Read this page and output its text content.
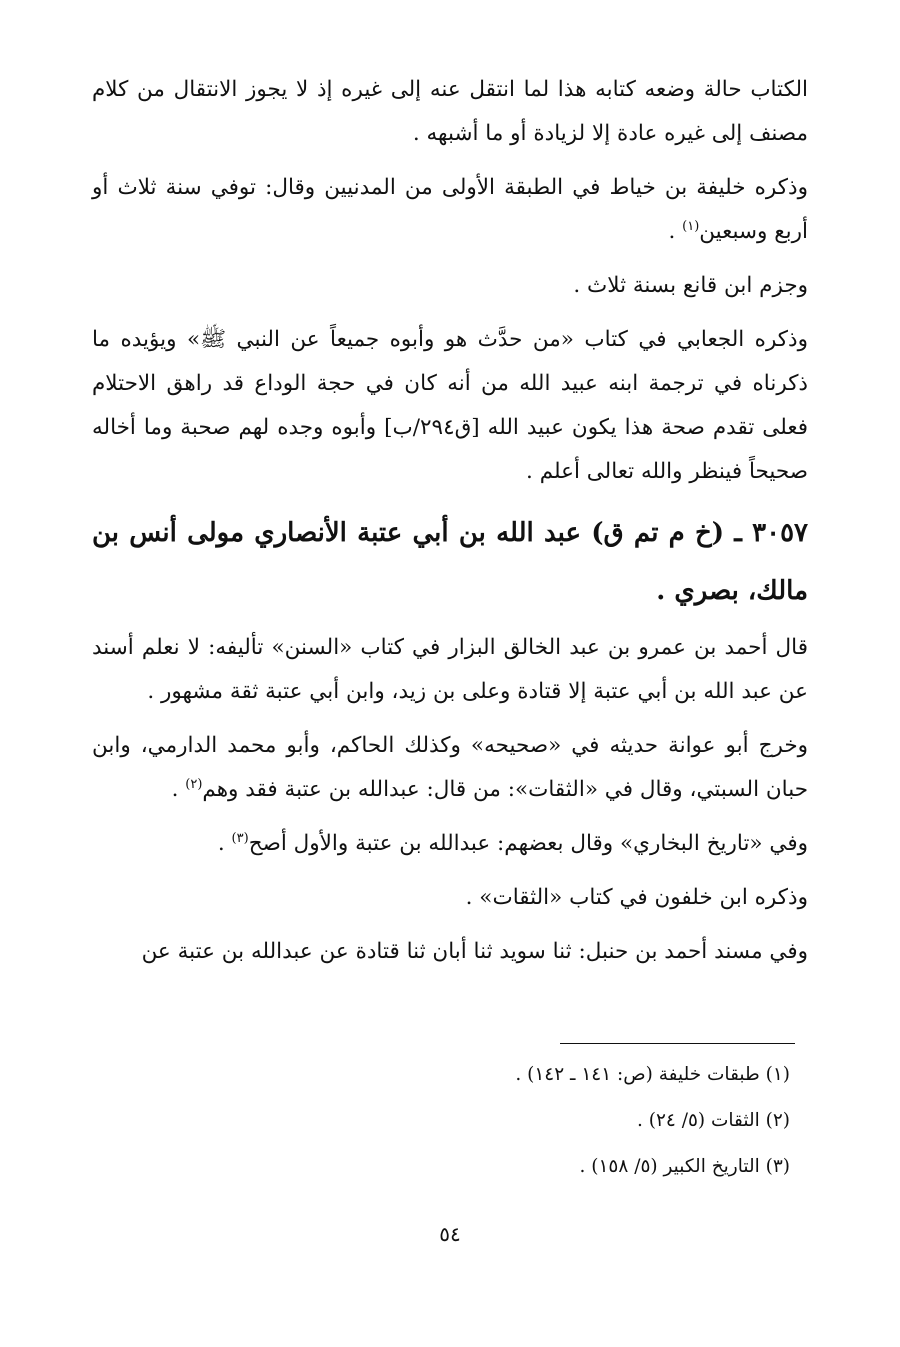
الكتاب حالة وضعه كتابه هذا لما انتقل عنه إلى غيره إذ لا يجوز الانتقال من كلام مصنف إلى غيره عادة إلا لزيادة أو ما أشبهه .

وذكره خليفة بن خياط في الطبقة الأولى من المدنيين وقال: توفي سنة ثلاث أو أربع وسبعين$^{(١)}$ .

وجزم ابن قانع بسنة ثلاث .

وذكره الجعابي في كتاب «من حدَّث هو وأبوه جميعاً عن النبي ﷺ» ويؤيده ما ذكرناه في ترجمة ابنه عبيد الله من أنه كان في حجة الوداع قد راهق الاحتلام فعلى تقدم صحة هذا يكون عبيد الله [ق٢٩٤/ب] وأبوه وجده لهم صحبة وما أخاله صحيحاً فينظر والله تعالى أعلم .

٣٠٥٧ ـ (خ م تم ق) عبد الله بن أبي عتبة الأنصاري مولى أنس بن مالك، بصري .

قال أحمد بن عمرو بن عبد الخالق البزار في كتاب «السنن» تأليفه: لا نعلم أسند عن عبد الله بن أبي عتبة إلا قتادة وعلى بن زيد، وابن أبي عتبة ثقة مشهور .

وخرج أبو عوانة حديثه في «صحيحه» وكذلك الحاكم، وأبو محمد الدارمي، وابن حبان السبتي، وقال في «الثقات»: من قال: عبدالله بن عتبة فقد وهم$^{(٢)}$ .

وفي «تاريخ البخاري» وقال بعضهم: عبدالله بن عتبة والأول أصح$^{(٣)}$ .

وذكره ابن خلفون في كتاب «الثقات» .

وفي مسند أحمد بن حنبل: ثنا سويد ثنا أبان ثنا قتادة عن عبدالله بن عتبة عن

(١) طبقات خليفة (ص: ١٤١ ـ ١٤٢) .

(٢) الثقات (٥/ ٢٤) .

(٣) التاريخ الكبير (٥/ ١٥٨) .

٥٤
